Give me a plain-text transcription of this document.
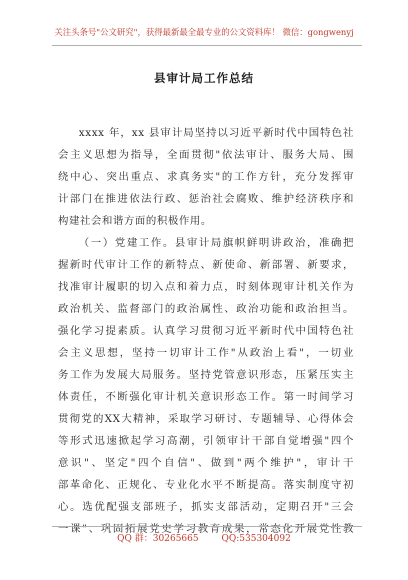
关注头条号"公文研究"，获得最新最全最专业的公文资料库！ 微信：gongwenyj
县审计局工作总结
xxxx 年，xx 县审计局坚持以习近平新时代中国特色社
会主义思想为指导，全面贯彻"依法审计、服务大局、围
绕中心、突出重点、求真务实"的工作方针，充分发挥审
计部门在推进依法行政、惩治社会腐败、维护经济秩序和
构建社会和谐方面的积极作用。
（一）党建工作。县审计局旗帜鲜明讲政治，准确把
握新时代审计工作的新特点、新使命、新部署、新要求，
找准审计履职的切入点和着力点，时刻体现审计机关作为
政治机关、监督部门的政治属性、政治功能和政治担当。
强化学习提素质。认真学习贯彻习近平新时代中国特色社
会主义思想，坚持一切审计工作"从政治上看"，一切业
务工作为发展大局服务。坚持党管意识形态，压紧压实主
体责任，不断强化审计机关意识形态工作。第一时间学习
贯彻党的XX大精神，采取学习研讨、专题辅导、心得体会
等形式迅速掀起学习高潮，引领审计干部自觉增强"四个
意识"、坚定"四个自信"、做到"两个维护"，审计干
部革命化、正规化、专业化水平不断提高。落实制度守初
心。选优配强支部班子，抓实支部活动，定期召开"三会
一课"、巩固拓展党史学习教育成果，常态化开展党性教
QQ 群：30265665	QQ:535304092
